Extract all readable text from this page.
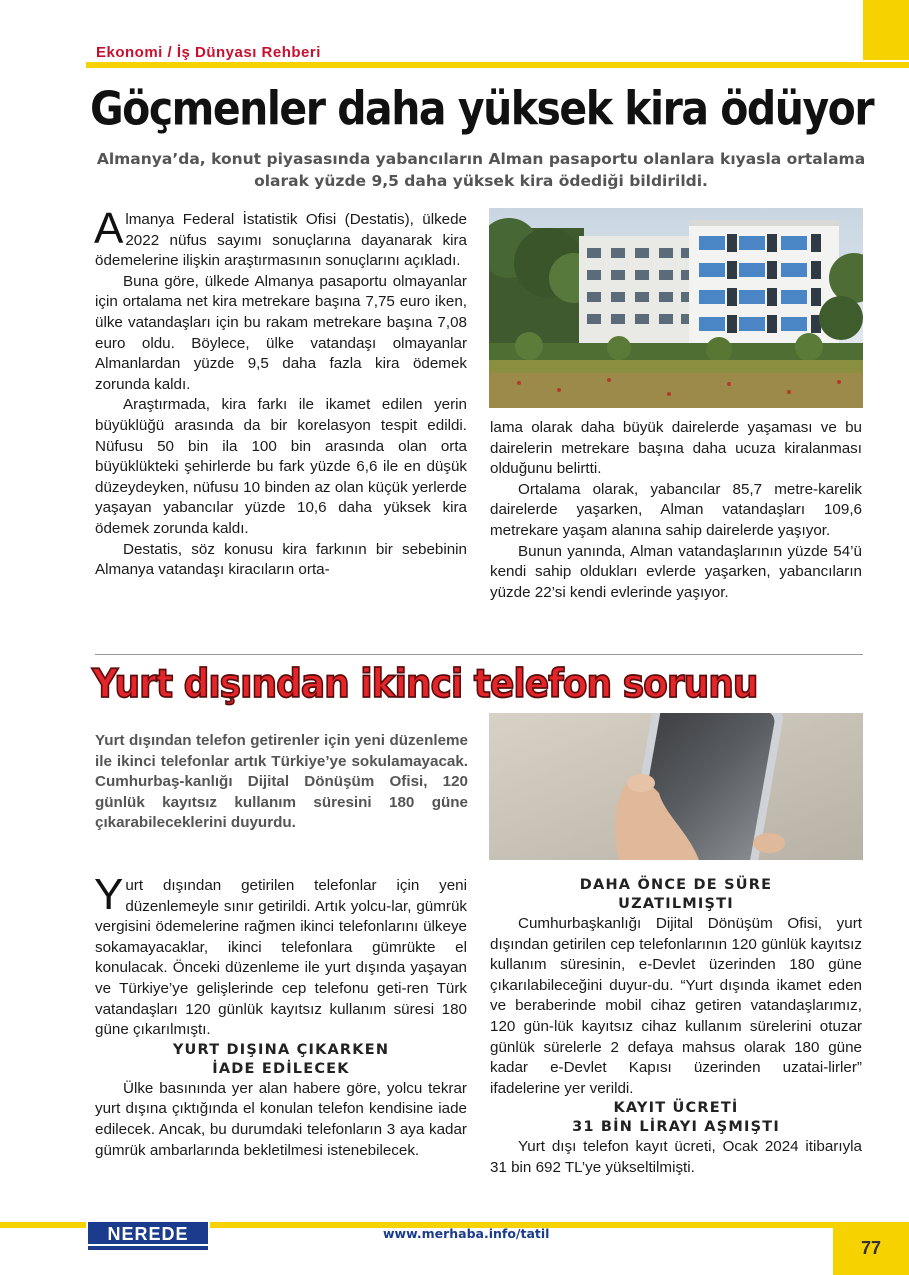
Ekonomi / İş Dünyası Rehberi
Göçmenler daha yüksek kira ödüyor
Almanya’da, konut piyasasında yabancıların Alman pasaportu olanlara kıyasla ortalama olarak yüzde 9,5 daha yüksek kira ödediği bildirildi.

Almanya Federal İstatistik Ofisi (Destatis), ülkede 2022 nüfus sayımı sonuçlarına dayanarak kira ödemelerine ilişkin araştırmasının sonuçlarını açıkladı.

Buna göre, ülkede Almanya pasaportu olmayanlar için ortalama net kira metrekare başına 7,75 euro iken, ülke vatandaşları için bu rakam metrekare başına 7,08 euro oldu. Böylece, ülke vatandaşı olmayanlar Almanlardan yüzde 9,5 daha fazla kira ödemek zorunda kaldı.

Araştırmada, kira farkı ile ikamet edilen yerin büyüklüğü arasında da bir korelasyon tespit edildi. Nüfusu 50 bin ila 100 bin arasında olan orta büyüklükteki şehirlerde bu fark yüzde 6,6 ile en düşük düzeydeyken, nüfusu 10 binden az olan küçük yerlerde yaşayan yabancılar yüzde 10,6 daha yüksek kira ödemek zorunda kaldı.

Destatis, söz konusu kira farkının bir sebebinin Almanya vatandaşı kiracıların orta-

lama olarak daha büyük dairelerde yaşaması ve bu dairelerin metrekare başına daha ucuza kiralanması olduğunu belirtti.

Ortalama olarak, yabancılar 85,7 metre-karelik dairelerde yaşarken, Alman vatandaşları 109,6 metrekare yaşam alanına sahip dairelerde yaşıyor.

Bunun yanında, Alman vatandaşlarının yüzde 54’ü kendi sahip oldukları evlerde yaşarken, yabancıların yüzde 22’si kendi evlerinde yaşıyor.

Yurt dışından ikinci telefon sorunu
Yurt dışından telefon getirenler için yeni düzenleme ile ikinci telefonlar artık Türkiye’ye sokulamayacak. Cumhurbaş-kanlığı Dijital Dönüşüm Ofisi, 120 günlük kayıtsız kullanım süresini 180 güne çıkarabileceklerini duyurdu.

Yurt dışından getirilen telefonlar için yeni düzenlemeyle sınır getirildi. Artık yolcu-lar, gümrük vergisini ödemelerine rağmen ikinci telefonlarını ülkeye sokamayacaklar, ikinci telefonlara gümrükte el konulacak. Önceki düzenleme ile yurt dışında yaşayan ve Türkiye’ye gelişlerinde cep telefonu geti-ren Türk vatandaşları 120 günlük kayıtsız kullanım süresi 180 güne çıkarılmıştı.

YURT DIŞINA ÇIKARKEN
İADE EDİLECEK

Ülke basınında yer alan habere göre, yolcu tekrar yurt dışına çıktığında el konulan telefon kendisine iade edilecek. Ancak, bu durumdaki telefonların 3 aya kadar gümrük ambarlarında bekletilmesi istenebilecek.

DAHA ÖNCE DE SÜRE
UZATILMIŞTI

Cumhurbaşkanlığı Dijital Dönüşüm Ofisi, yurt dışından getirilen cep telefonlarının 120 günlük kayıtsız kullanım süresinin, e-Devlet üzerinden 180 güne çıkarılabileceğini duyur-du. “Yurt dışında ikamet eden ve beraberinde mobil cihaz getiren vatandaşlarımız, 120 gün-lük kayıtsız cihaz kullanım sürelerini otuzar günlük sürelerle 2 defaya mahsus olarak 180 güne kadar e-Devlet Kapısı üzerinden uzatai-lirler” ifadelerine yer verildi.

KAYIT ÜCRETİ
31 BİN LİRAYI AŞMIŞTI

Yurt dışı telefon kayıt ücreti, Ocak 2024 itibarıyla 31 bin 692 TL’ye yükseltilmişti.

NEREDE	www.merhaba.info/tatil
77
